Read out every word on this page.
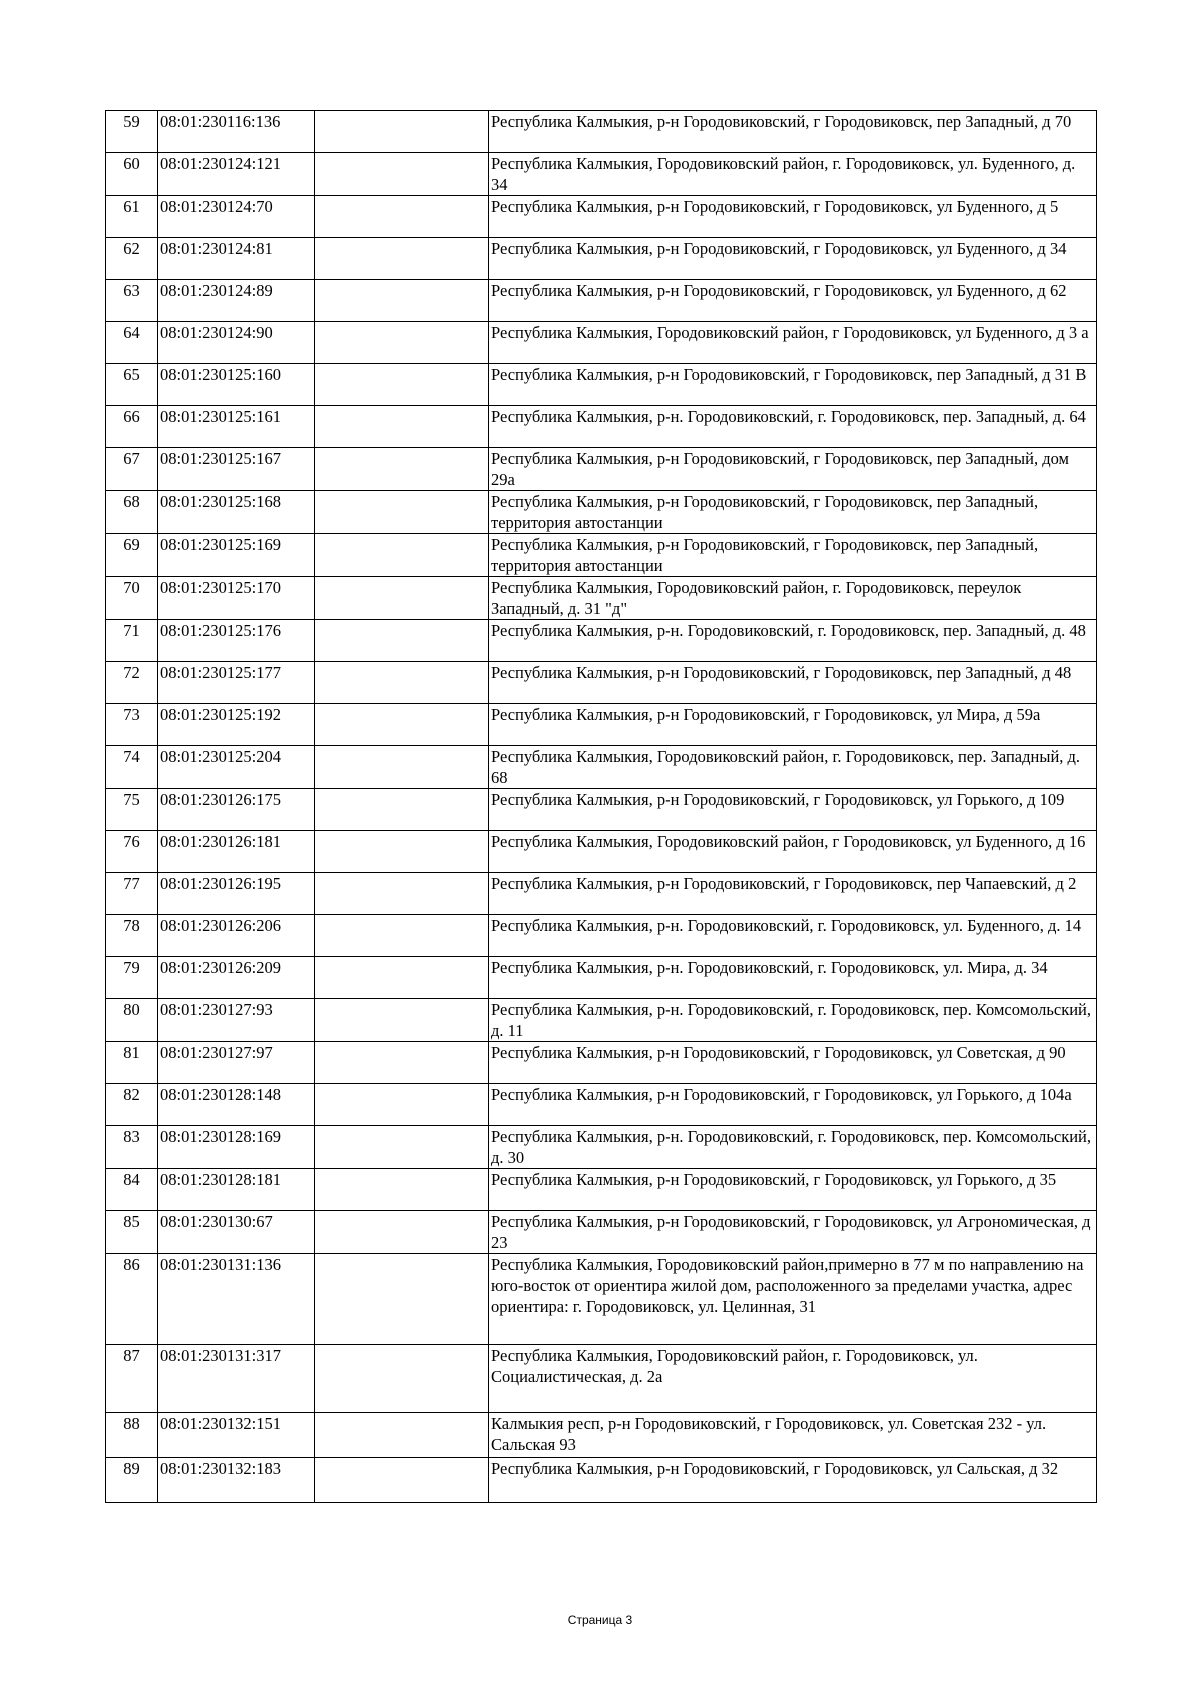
59	08:01:230116:136		Республика Калмыкия, р-н Городовиковский, г Городовиковск, пер Западный, д 70
60	08:01:230124:121		Республика Калмыкия, Городовиковский район, г. Городовиковск, ул. Буденного, д. 34
61	08:01:230124:70		Республика Калмыкия, р-н Городовиковский, г Городовиковск, ул Буденного, д 5
62	08:01:230124:81		Республика Калмыкия, р-н Городовиковский, г Городовиковск, ул Буденного, д 34
63	08:01:230124:89		Республика Калмыкия, р-н Городовиковский, г Городовиковск, ул Буденного, д 62
64	08:01:230124:90		Республика Калмыкия, Городовиковский район, г Городовиковск, ул Буденного, д 3 а
65	08:01:230125:160		Республика Калмыкия, р-н Городовиковский, г Городовиковск, пер Западный, д 31 В
66	08:01:230125:161		Республика Калмыкия, р-н. Городовиковский, г. Городовиковск, пер. Западный, д. 64
67	08:01:230125:167		Республика Калмыкия, р-н Городовиковский, г Городовиковск, пер Западный, дом 29а
68	08:01:230125:168		Республика Калмыкия, р-н Городовиковский, г Городовиковск, пер Западный, территория автостанции
69	08:01:230125:169		Республика Калмыкия, р-н Городовиковский, г Городовиковск, пер Западный, территория автостанции
70	08:01:230125:170		Республика Калмыкия, Городовиковский район, г. Городовиковск, переулок Западный, д. 31 "д"
71	08:01:230125:176		Республика Калмыкия, р-н. Городовиковский, г. Городовиковск, пер. Западный, д. 48
72	08:01:230125:177		Республика Калмыкия, р-н Городовиковский, г Городовиковск, пер Западный, д 48
73	08:01:230125:192		Республика Калмыкия, р-н Городовиковский, г Городовиковск, ул Мира, д 59а
74	08:01:230125:204		Республика Калмыкия, Городовиковский район, г. Городовиковск, пер. Западный, д. 68
75	08:01:230126:175		Республика Калмыкия, р-н Городовиковский, г Городовиковск, ул Горького, д 109
76	08:01:230126:181		Республика Калмыкия, Городовиковский район, г Городовиковск, ул Буденного, д 16
77	08:01:230126:195		Республика Калмыкия, р-н Городовиковский, г Городовиковск, пер Чапаевский, д 2
78	08:01:230126:206		Республика Калмыкия, р-н. Городовиковский, г. Городовиковск, ул. Буденного, д. 14
79	08:01:230126:209		Республика Калмыкия, р-н. Городовиковский, г. Городовиковск, ул. Мира, д. 34
80	08:01:230127:93		Республика Калмыкия, р-н. Городовиковский, г. Городовиковск, пер. Комсомольский, д. 11
81	08:01:230127:97		Республика Калмыкия, р-н Городовиковский, г Городовиковск, ул Советская, д 90
82	08:01:230128:148		Республика Калмыкия, р-н Городовиковский, г Городовиковск, ул Горького, д 104а
83	08:01:230128:169		Республика Калмыкия, р-н. Городовиковский, г. Городовиковск, пер. Комсомольский, д. 30
84	08:01:230128:181		Республика Калмыкия, р-н Городовиковский, г Городовиковск, ул Горького, д 35
85	08:01:230130:67		Республика Калмыкия, р-н Городовиковский, г Городовиковск, ул Агрономическая, д 23
86	08:01:230131:136		Республика Калмыкия, Городовиковский район,примерно в 77 м по направлению на юго-восток от ориентира жилой дом, расположенного за пределами участка, адрес ориентира: г. Городовиковск, ул. Целинная, 31
87	08:01:230131:317		Республика Калмыкия, Городовиковский район, г. Городовиковск, ул. Социалистическая, д. 2а
88	08:01:230132:151		Калмыкия респ, р-н Городовиковский, г Городовиковск, ул. Советская 232 - ул. Сальская 93
89	08:01:230132:183		Республика Калмыкия, р-н Городовиковский, г Городовиковск, ул Сальская, д 32
Страница 3
